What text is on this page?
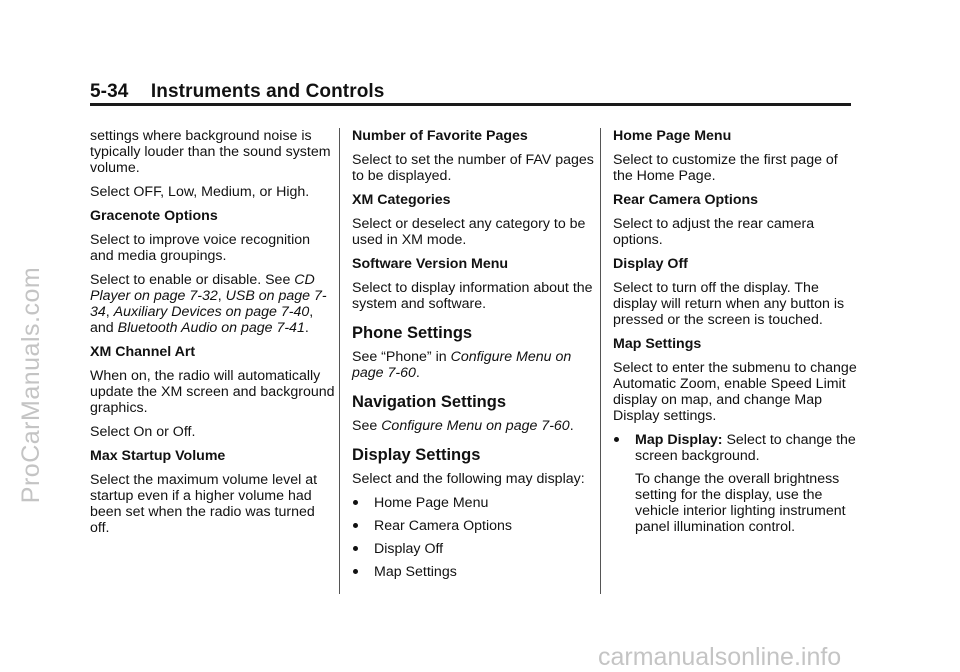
5-34 Instruments and Controls

settings where background noise is typically louder than the sound system volume.

Select OFF, Low, Medium, or High.

Gracenote Options

Select to improve voice recognition and media groupings.

Select to enable or disable. See CD Player on page 7-32, USB on page 7-34, Auxiliary Devices on page 7-40, and Bluetooth Audio on page 7-41.

XM Channel Art

When on, the radio will automatically update the XM screen and background graphics.

Select On or Off.

Max Startup Volume

Select the maximum volume level at startup even if a higher volume had been set when the radio was turned off.

Number of Favorite Pages

Select to set the number of FAV pages to be displayed.

XM Categories

Select or deselect any category to be used in XM mode.

Software Version Menu

Select to display information about the system and software.

Phone Settings

See “Phone” in Configure Menu on page 7-60.

Navigation Settings

See Configure Menu on page 7-60.

Display Settings

Select and the following may display:

Home Page Menu

Rear Camera Options

Display Off

Map Settings

Home Page Menu

Select to customize the first page of the Home Page.

Rear Camera Options

Select to adjust the rear camera options.

Display Off

Select to turn off the display. The display will return when any button is pressed or the screen is touched.

Map Settings

Select to enter the submenu to change Automatic Zoom, enable Speed Limit display on map, and change Map Display settings.

Map Display: Select to change the screen background.

To change the overall brightness setting for the display, use the vehicle interior lighting instrument panel illumination control.

ProCarManuals.com
carmanualsonline.info
